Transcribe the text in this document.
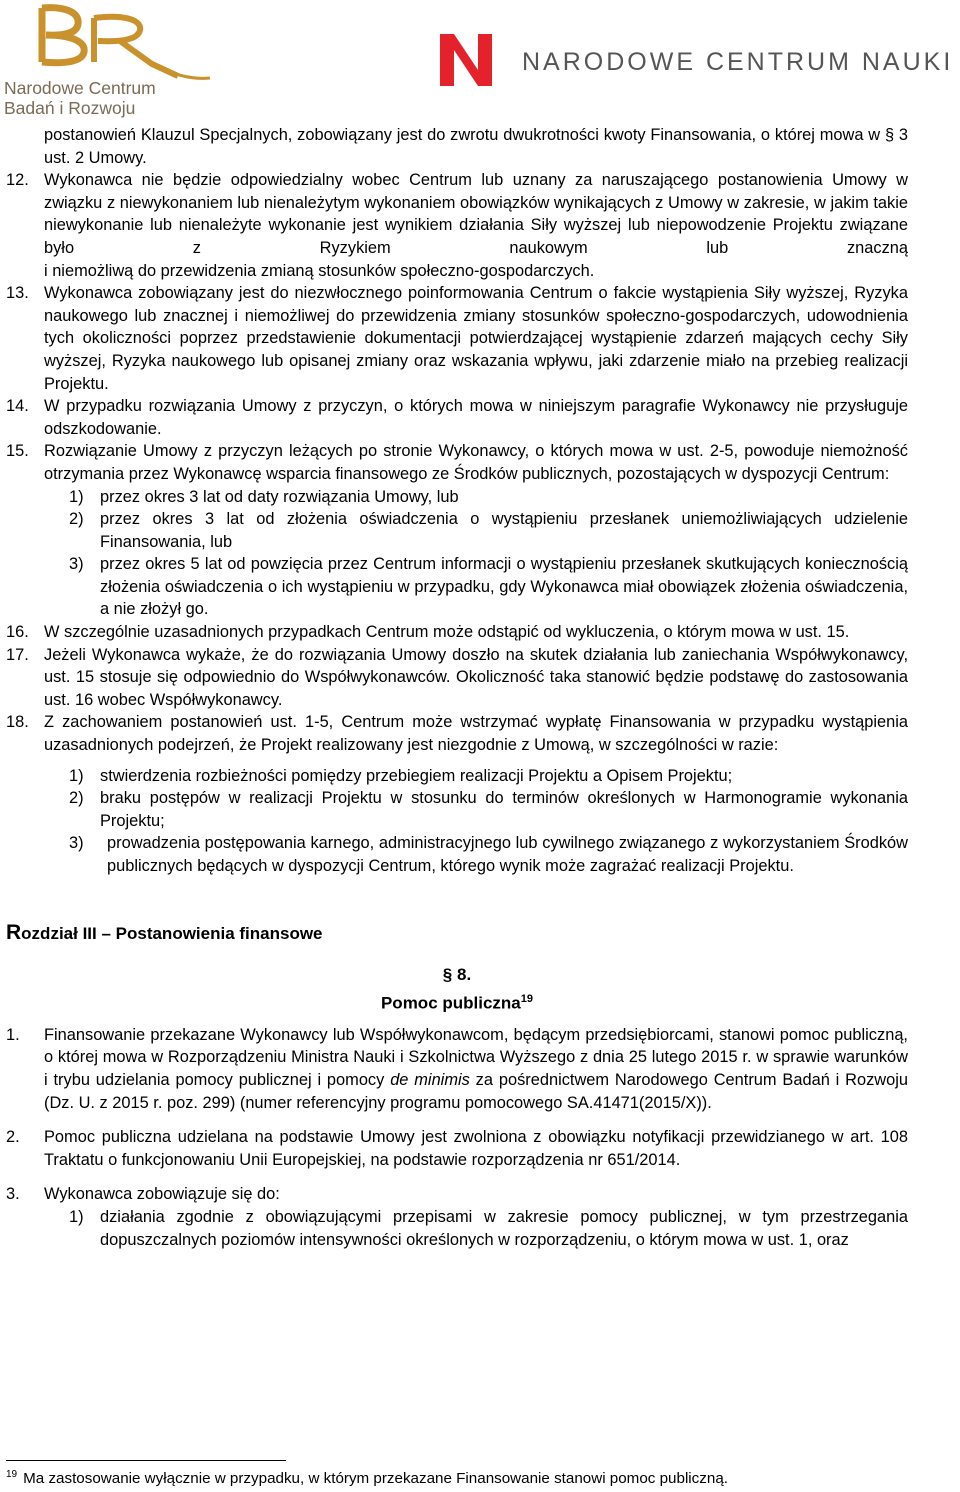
Narodowe Centrum
Badań i Rozwoju
NARODOWE CENTRUM NAUKI
postanowień Klauzul Specjalnych, zobowiązany jest do zwrotu dwukrotności kwoty Finansowania, o której mowa w § 3 ust. 2 Umowy.
12. Wykonawca nie będzie odpowiedzialny wobec Centrum lub uznany za naruszającego postanowienia Umowy w związku z niewykonaniem lub nienależytym wykonaniem obowiązków wynikających z Umowy w zakresie, w jakim takie niewykonanie lub nienależyte wykonanie jest wynikiem działania Siły wyższej lub niepowodzenie Projektu związane było z Ryzykiem naukowym lub znaczną
i niemożliwą do przewidzenia zmianą stosunków społeczno-gospodarczych.
13. Wykonawca zobowiązany jest do niezwłocznego poinformowania Centrum o fakcie wystąpienia Siły wyższej, Ryzyka naukowego lub znacznej i niemożliwej do przewidzenia zmiany stosunków społeczno-gospodarczych, udowodnienia tych okoliczności poprzez przedstawienie dokumentacji potwierdzającej wystąpienie zdarzeń mających cechy Siły wyższej, Ryzyka naukowego lub opisanej zmiany oraz wskazania wpływu, jaki zdarzenie miało na przebieg realizacji Projektu.
14. W przypadku rozwiązania Umowy z przyczyn, o których mowa w niniejszym paragrafie Wykonawcy nie przysługuje odszkodowanie.
15. Rozwiązanie Umowy z przyczyn leżących po stronie Wykonawcy, o których mowa w ust. 2-5, powoduje niemożność otrzymania przez Wykonawcę wsparcia finansowego ze Środków publicznych, pozostających w dyspozycji Centrum:
1) przez okres 3 lat od daty rozwiązania Umowy, lub
2) przez okres 3 lat od złożenia oświadczenia o wystąpieniu przesłanek uniemożliwiających udzielenie Finansowania, lub
3) przez okres 5 lat od powzięcia przez Centrum informacji o wystąpieniu przesłanek skutkujących koniecznością złożenia oświadczenia o ich wystąpieniu w przypadku, gdy Wykonawca miał obowiązek złożenia oświadczenia, a nie złożył go.
16. W szczególnie uzasadnionych przypadkach Centrum może odstąpić od wykluczenia, o którym mowa w ust. 15.
17. Jeżeli Wykonawca wykaże, że do rozwiązania Umowy doszło na skutek działania lub zaniechania Współwykonawcy, ust. 15 stosuje się odpowiednio do Współwykonawców. Okoliczność taka stanowić będzie podstawę do zastosowania ust. 16 wobec Współwykonawcy.
18. Z zachowaniem postanowień ust. 1-5, Centrum może wstrzymać wypłatę Finansowania w przypadku wystąpienia uzasadnionych podejrzeń, że Projekt realizowany jest niezgodnie z Umową, w szczególności w razie:
1) stwierdzenia rozbieżności pomiędzy przebiegiem realizacji Projektu a Opisem Projektu;
2) braku postępów w realizacji Projektu w stosunku do terminów określonych w Harmonogramie wykonania Projektu;
3) prowadzenia postępowania karnego, administracyjnego lub cywilnego związanego z wykorzystaniem Środków publicznych będących w dyspozycji Centrum, którego wynik może zagrażać realizacji Projektu.
Rozdział III – Postanowienia finansowe
§ 8.
Pomoc publiczna$^{19}$
1. Finansowanie przekazane Wykonawcy lub Współwykonawcom, będącym przedsiębiorcami, stanowi pomoc publiczną, o której mowa w Rozporządzeniu Ministra Nauki i Szkolnictwa Wyższego z dnia 25 lutego 2015 r. w sprawie warunków i trybu udzielania pomocy publicznej i pomocy de minimis za pośrednictwem Narodowego Centrum Badań i Rozwoju (Dz. U. z 2015 r. poz. 299) (numer referencyjny programu pomocowego SA.41471(2015/X)).
2. Pomoc publiczna udzielana na podstawie Umowy jest zwolniona z obowiązku notyfikacji przewidzianego w art. 108 Traktatu o funkcjonowaniu Unii Europejskiej, na podstawie rozporządzenia nr 651/2014.
3. Wykonawca zobowiązuje się do:
1) działania zgodnie z obowiązującymi przepisami w zakresie pomocy publicznej, w tym przestrzegania dopuszczalnych poziomów intensywności określonych w rozporządzeniu, o którym mowa w ust. 1, oraz
$^{19}$ Ma zastosowanie wyłącznie w przypadku, w którym przekazane Finansowanie stanowi pomoc publiczną.
